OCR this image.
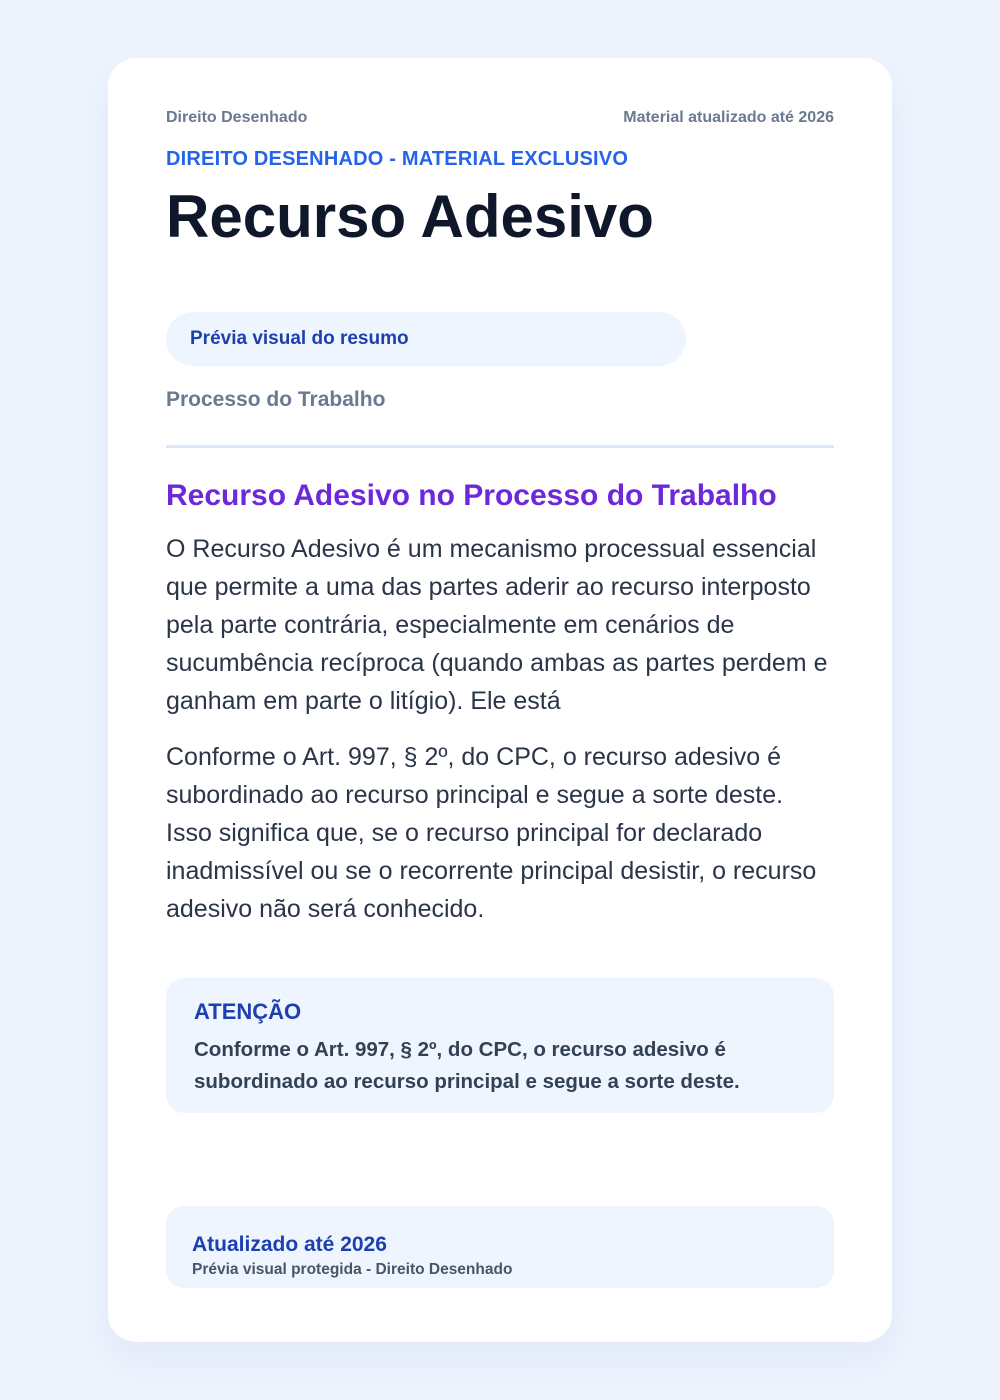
Direito Desenhado	Material atualizado até 2026
DIREITO DESENHADO - MATERIAL EXCLUSIVO
Recurso Adesivo
Prévia visual do resumo
Processo do Trabalho
Recurso Adesivo no Processo do Trabalho

O Recurso Adesivo é um mecanismo processual essencial que permite a uma das partes aderir ao recurso interposto pela parte contrária, especialmente em cenários de sucumbência recíproca (quando ambas as partes perdem e ganham em parte o litígio). Ele está

Conforme o Art. 997, § 2º, do CPC, o recurso adesivo é subordinado ao recurso principal e segue a sorte deste. Isso significa que, se o recurso principal for declarado inadmissível ou se o recorrente principal desistir, o recurso adesivo não será conhecido.

ATENÇÃO
Conforme o Art. 997, § 2º, do CPC, o recurso adesivo é subordinado ao recurso principal e segue a sorte deste.
Atualizado até 2026
Prévia visual protegida - Direito Desenhado
